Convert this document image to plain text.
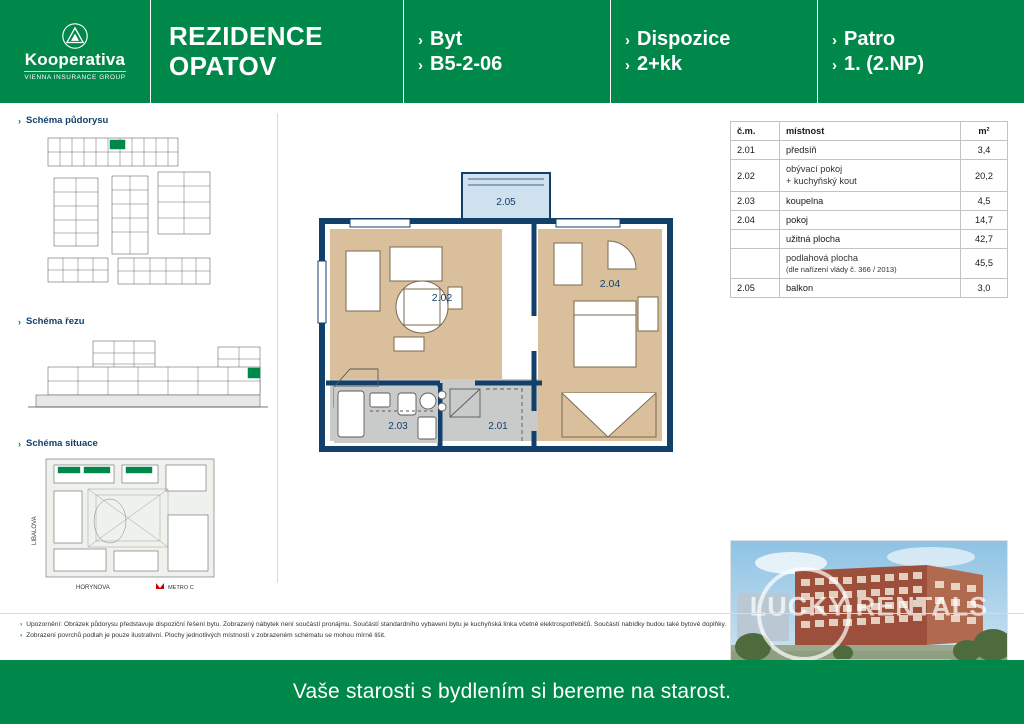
Kooperativa
VIENNA INSURANCE GROUP
REZIDENCE
OPATOV
› Byt
› B5-2-06
› Dispozice
› 2+kk
› Patro
› 1. (2.NP)
› Schéma půdorysu
› Schéma řezu
› Schéma situace
LIBALOVA
HORYNOVA	METRO C
2.05
2.03	2.01
2.02
2.04
č.m.	místnost	m²
2.01	předsíň	3,4
2.02	obývací pokoj
+ kuchyňský kout	20,2
2.03	koupelna	4,5
2.04	pokoj	14,7
	užitná plocha	42,7

	podlahová plocha
(dle nařízení vlády č. 366 / 2013)	45,5
2.05	balkon	3,0
LUCKY RENTALS
› Upozornění: Obrázek půdorysu představuje dispoziční řešení bytu. Zobrazený nábytek není součástí pronájmu. Součástí standardního vybavení bytu je kuchyňská linka včetně elektrospotřebičů. Součástí nabídky budou také bytové doplňky.
› Zobrazení povrchů podlah je pouze ilustrativní. Plochy jednotlivých místností v zobrazeném schématu se mohou mírně lišit.
Vaše starosti s bydlením si bereme na starost.
